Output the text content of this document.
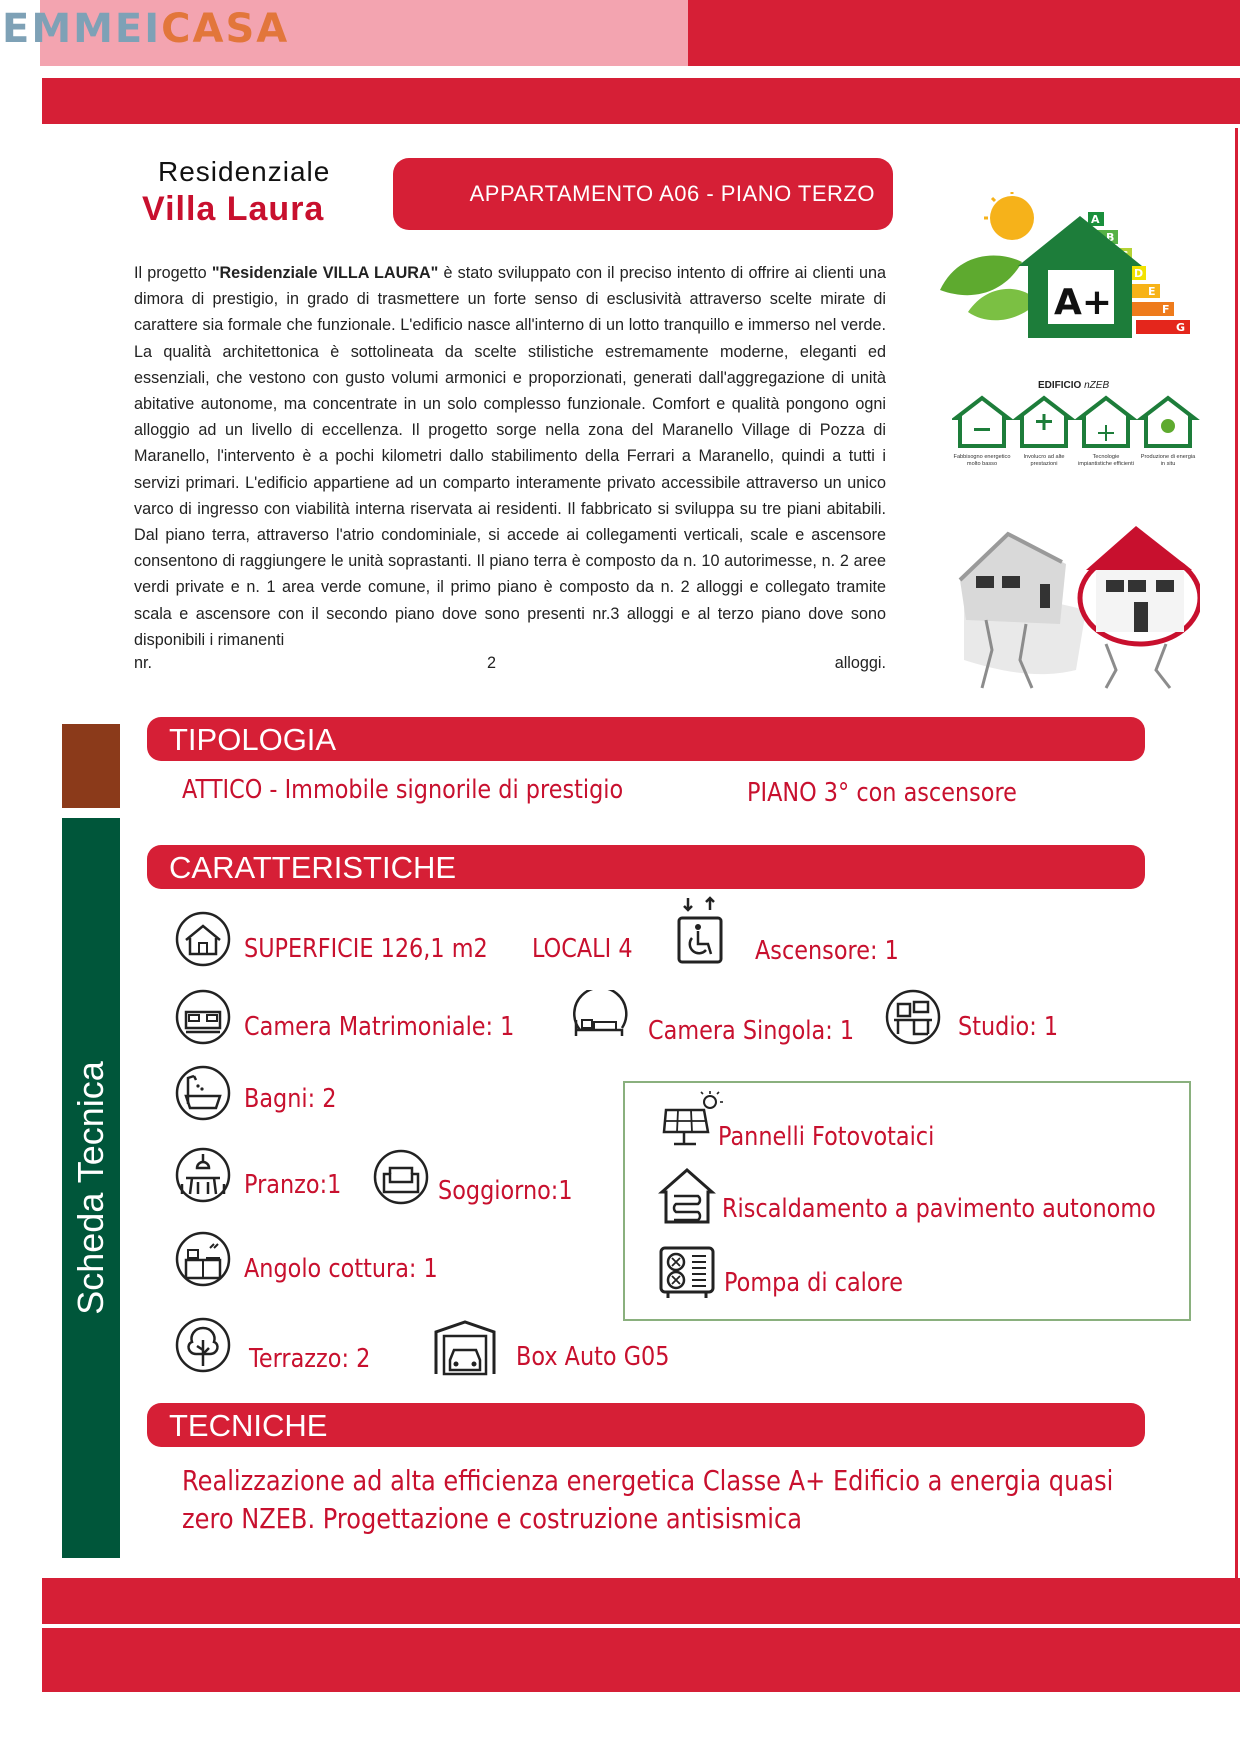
EMMEICASA
Residenziale
Villa Laura	APPARTAMENTO A06 - PIANO TERZO
Il progetto "Residenziale VILLA LAURA" è stato sviluppato con il preciso intento di offrire ai clienti una dimora di prestigio, in grado di trasmettere un forte senso di esclusività attraverso scelte mirate di carattere sia formale che funzionale. L'edificio nasce all'interno di un lotto tranquillo e immerso nel verde. La qualità architettonica è sottolineata da scelte stilistiche estremamente moderne, eleganti ed essenziali, che vestono con gusto volumi armonici e proporzionati, generati dall'aggregazione di unità abitative autonome, ma concentrate in un solo complesso funzionale. Comfort e qualità pongono ogni alloggio ad un livello di eccellenza. Il progetto sorge nella zona del Maranello Village di Pozza di Maranello, l'intervento è a pochi kilometri dallo stabilimento della Ferrari a Maranello, quindi a tutti i servizi primari. L'edificio appartiene ad un comparto interamente privato accessibile attraverso un unico varco di ingresso con viabilità interna riservata ai residenti. Il fabbricato si sviluppa su tre piani abitabili. Dal piano terra, attraverso l'atrio condominiale, si accede ai collegamenti verticali, scale e ascensore consentono di raggiungere le unità soprastanti. Il piano terra è composto da n. 10 autorimesse, n. 2 aree verdi private e n. 1 area verde comune, il primo piano è composto da n. 2 alloggi e collegato tramite scala e ascensore con il secondo piano dove sono presenti nr.3 alloggi e al terzo piano dove sono disponibili i rimanenti
nr.	2	alloggi.
A
B
D
E
F
G
A+
EDIFICIO nZEB
Fabbisogno energetico molto basso
Involucro ad alte prestazioni
Tecnologie impiantistiche efficienti
Produzione di energia in situ
Scheda Tecnica
TIPOLOGIA
ATTICO - Immobile signorile di prestigio	PIANO 3° con ascensore
CARATTERISTICHE
SUPERFICIE 126,1 m2 LOCALI 4	Ascensore: 1
Camera Matrimoniale: 1	Camera Singola: 1	Studio: 1
Bagni: 2
Pranzo:1	Soggiorno:1
Angolo cottura: 1
Terrazzo: 2	Box Auto G05
Pannelli Fotovotaici
Riscaldamento a pavimento autonomo
Pompa di calore
TECNICHE
Realizzazione ad alta efficienza energetica Classe A+ Edificio a energia quasi
zero NZEB. Progettazione e costruzione antisismica
